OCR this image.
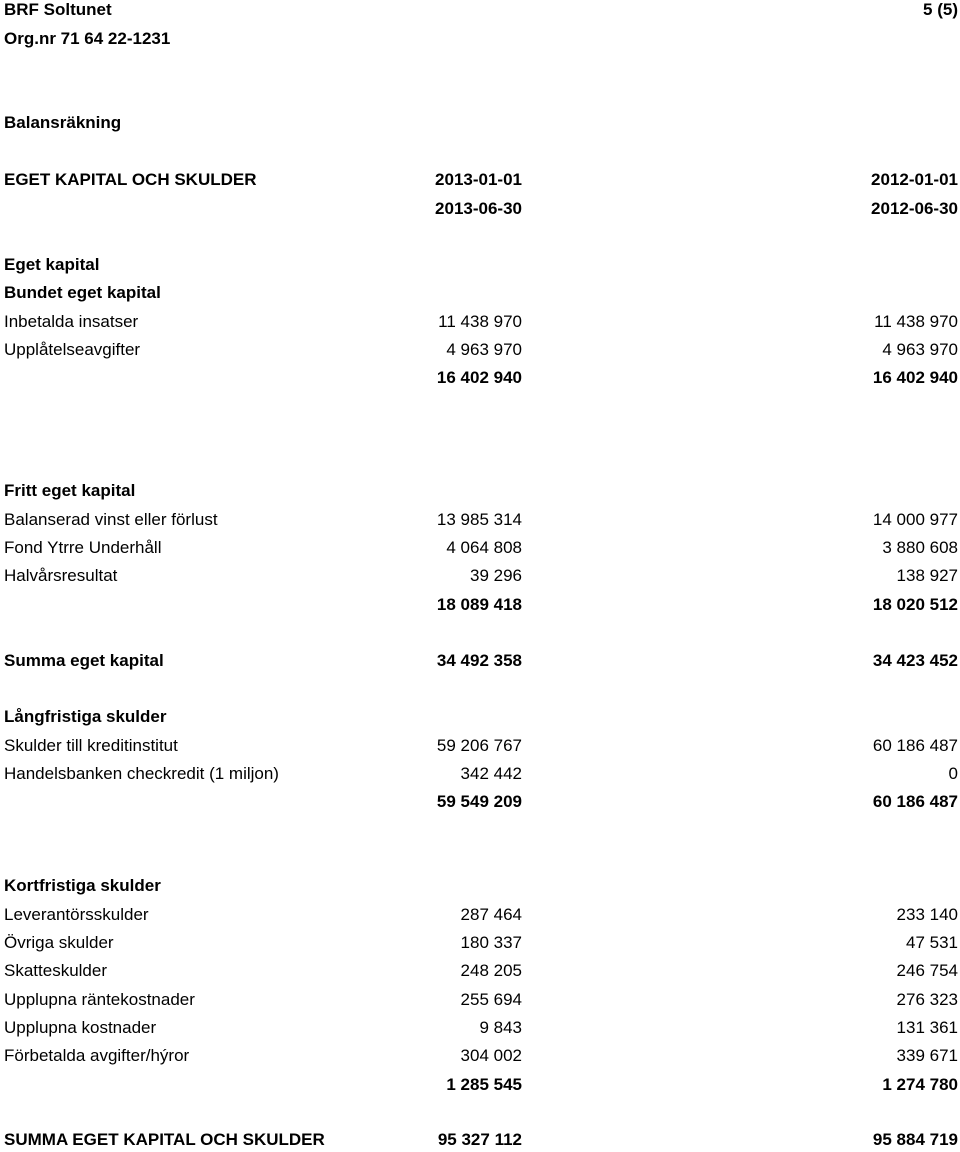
BRF Soltunet	5 (5)
Org.nr 71 64 22-1231
Balansräkning
EGET KAPITAL OCH SKULDER	2013-01-01	2012-01-01
2013-06-30	2012-06-30
Eget kapital
Bundet eget kapital
Inbetalda insatser	11 438 970	11 438 970
Upplåtelseavgifter	4 963 970	4 963 970
16 402 940	16 402 940
Fritt eget kapital
Balanserad vinst eller förlust	13 985 314	14 000 977
Fond Ytrre Underhåll	4 064 808	3 880 608
Halvårsresultat	39 296	138 927
18 089 418	18 020 512
Summa eget kapital	34 492 358	34 423 452
Långfristiga skulder
Skulder till kreditinstitut	59 206 767	60 186 487
Handelsbanken checkredit (1 miljon)	342 442	0
59 549 209	60 186 487
Kortfristiga skulder
Leverantörsskulder	287 464	233 140
Övriga skulder	180 337	47 531
Skatteskulder	248 205	246 754
Upplupna räntekostnader	255 694	276 323
Upplupna kostnader	9 843	131 361
Förbetalda avgifter/hýror	304 002	339 671
1 285 545	1 274 780
SUMMA EGET KAPITAL OCH SKULDER	95 327 112	95 884 719
